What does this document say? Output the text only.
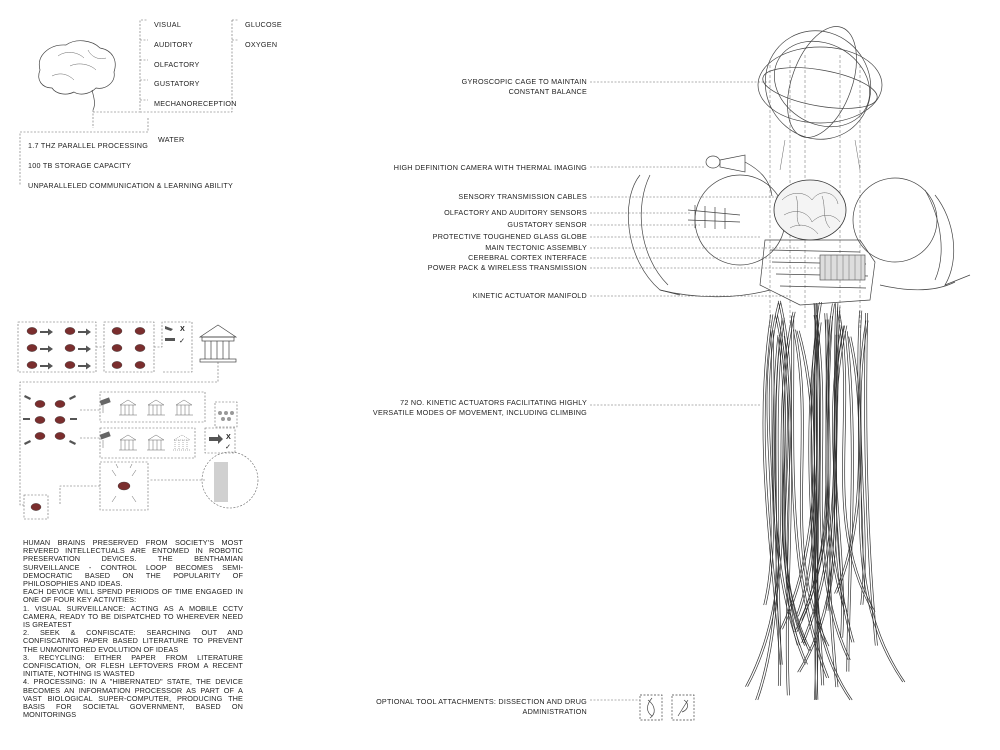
VISUAL
AUDITORY
OLFACTORY
GUSTATORY
MECHANORECEPTION
GLUCOSE
OXYGEN
WATER
1.7 THZ PARALLEL PROCESSING
100 TB STORAGE CAPACITY
UNPARALLELED COMMUNICATION & LEARNING ABILITY
X
✓
X
✓

HUMAN BRAINS PRESERVED FROM SOCIETY'S MOST REVERED INTELLECTUALS ARE ENTOMED IN ROBOTIC PRESERVATION DEVICES. THE BENTHAMIAN SURVEILLANCE - CONTROL LOOP BECOMES SEMI-DEMOCRATIC BASED ON THE POPULARITY OF PHILOSOPHIES AND IDEAS.

EACH DEVICE WILL SPEND PERIODS OF TIME ENGAGED IN ONE OF FOUR KEY ACTIVITIES:

1. VISUAL SURVEILLANCE: ACTING AS A MOBILE CCTV CAMERA, READY TO BE DISPATCHED TO WHEREVER NEED IS GREATEST

2. SEEK & CONFISCATE: SEARCHING OUT AND CONFISCATING PAPER BASED LITERATURE TO PREVENT THE UNMONITORED EVOLUTION OF IDEAS

3. RECYCLING: EITHER PAPER FROM LITERATURE CONFISCATION, OR FLESH LEFTOVERS FROM A RECENT INITIATE, NOTHING IS WASTED

4. PROCESSING: IN A "HIBERNATED" STATE, THE DEVICE BECOMES AN INFORMATION PROCESSOR AS PART OF A VAST BIOLOGICAL SUPER-COMPUTER, PRODUCING THE BASIS FOR SOCIETAL GOVERNMENT, BASED ON MONITORINGS

GYROSCOPIC CAGE TO MAINTAIN
CONSTANT BALANCE
HIGH DEFINITION CAMERA WITH THERMAL IMAGING
SENSORY TRANSMISSION CABLES
OLFACTORY AND AUDITORY SENSORS
GUSTATORY SENSOR
PROTECTIVE TOUGHENED GLASS GLOBE
MAIN TECTONIC ASSEMBLY
CEREBRAL CORTEX INTERFACE
POWER PACK & WIRELESS TRANSMISSION
KINETIC ACTUATOR MANIFOLD
72 NO. KINETIC ACTUATORS FACILITATING HIGHLY
VERSATILE MODES OF MOVEMENT, INCLUDING CLIMBING
OPTIONAL TOOL ATTACHMENTS: DISSECTION AND DRUG
ADMINISTRATION
